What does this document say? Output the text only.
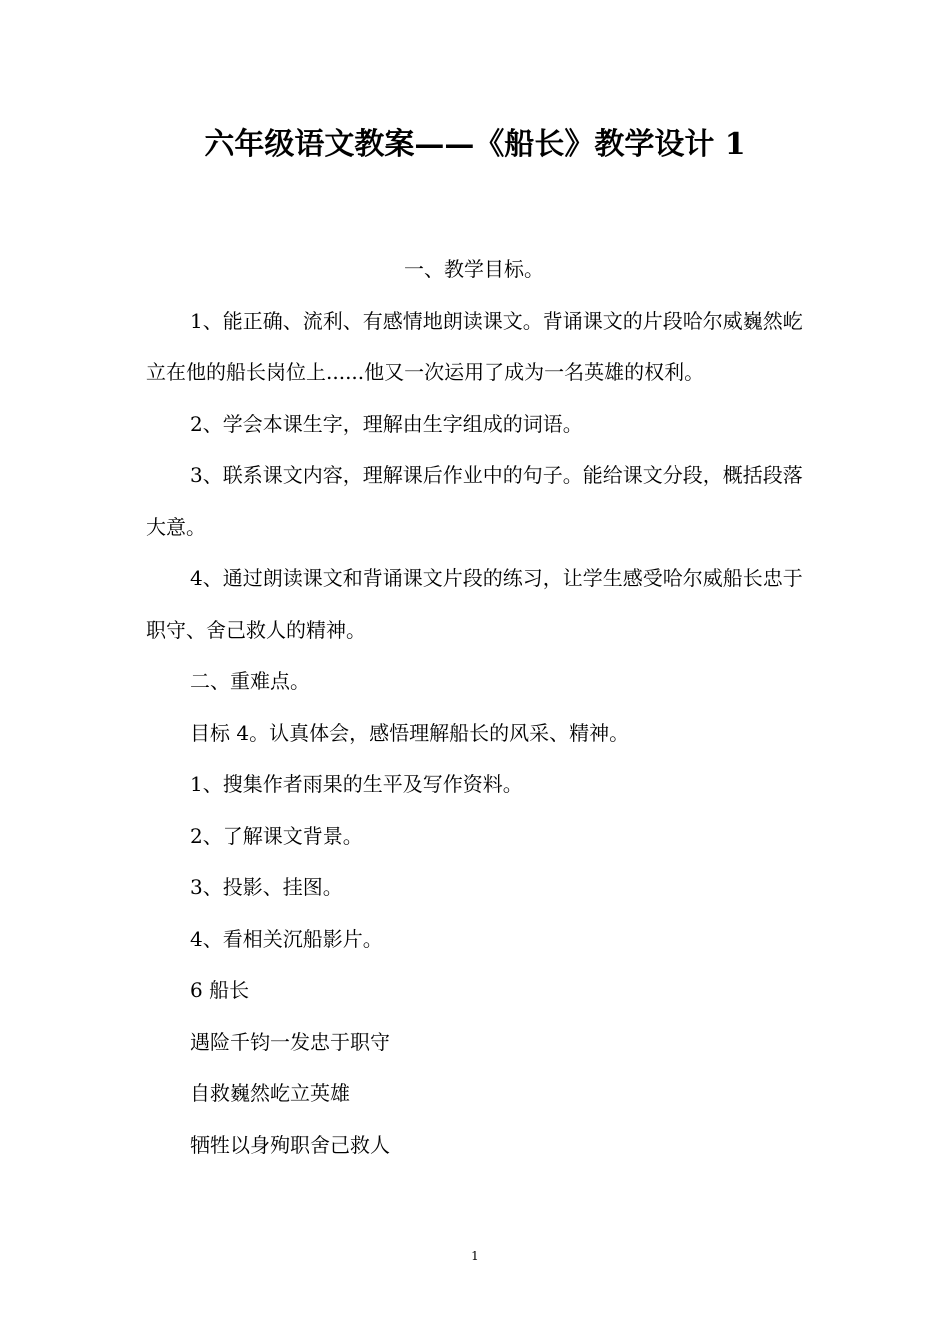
六年级语文教案——《船长》教学设计 1

一、教学目标。

1、能正确、流利、有感情地朗读课文。背诵课文的片段哈尔威巍然屹立在他的船长岗位上......他又一次运用了成为一名英雄的权利。

2、学会本课生字，理解由生字组成的词语。

3、联系课文内容，理解课后作业中的句子。能给课文分段，概括段落大意。

4、通过朗读课文和背诵课文片段的练习，让学生感受哈尔威船长忠于职守、舍己救人的精神。

二、重难点。

目标 4。认真体会，感悟理解船长的风采、精神。

1、搜集作者雨果的生平及写作资料。

2、了解课文背景。

3、投影、挂图。

4、看相关沉船影片。

6 船长

遇险千钧一发忠于职守

自救巍然屹立英雄

牺牲以身殉职舍己救人

1
